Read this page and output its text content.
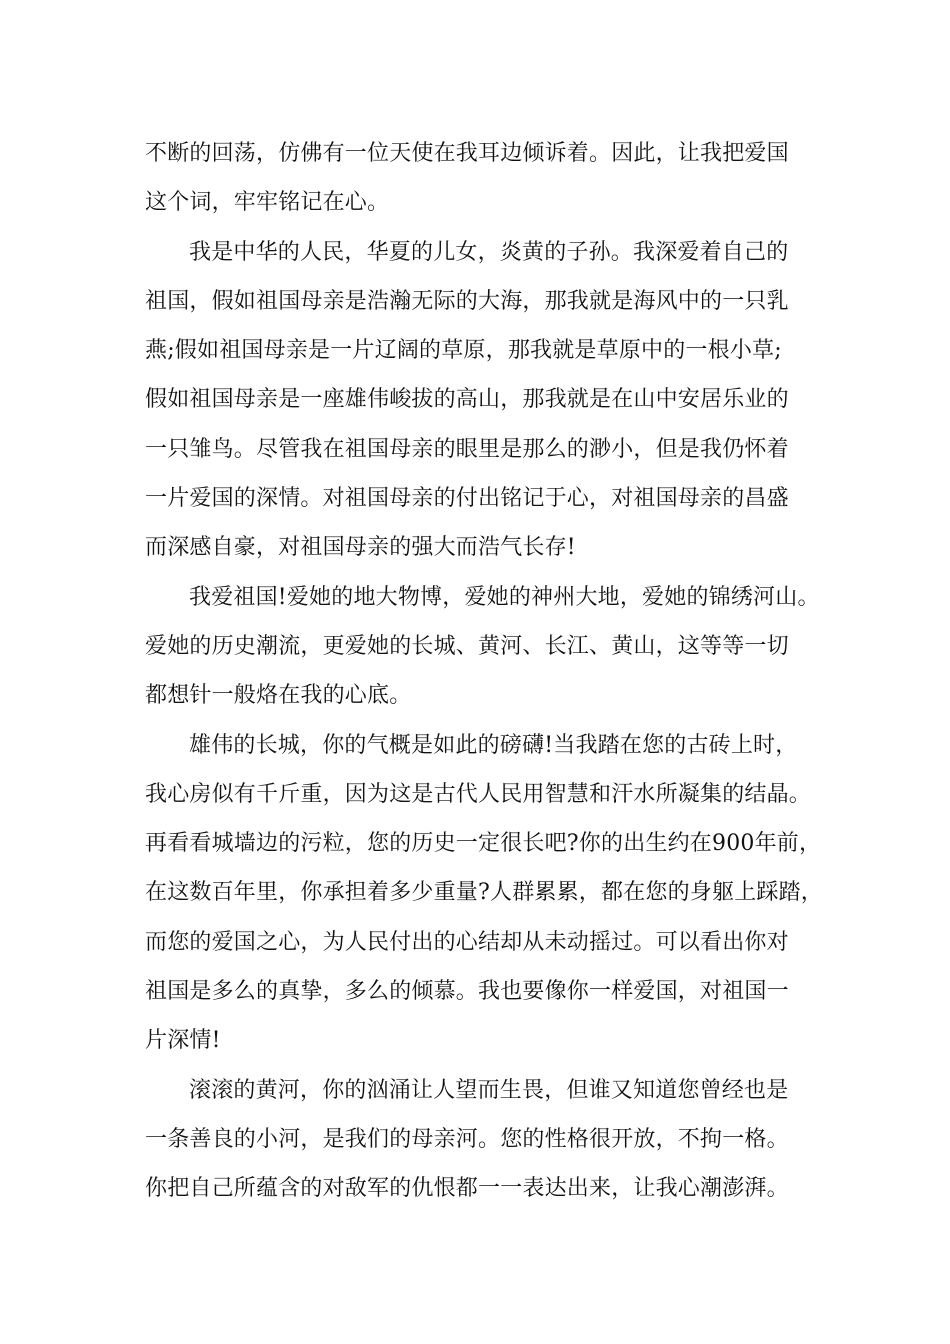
不断的回荡，仿佛有一位天使在我耳边倾诉着。因此，让我把爱国
这个词，牢牢铭记在心。
我是中华的人民，华夏的儿女，炎黄的子孙。我深爱着自己的
祖国，假如祖国母亲是浩瀚无际的大海，那我就是海风中的一只乳
燕;假如祖国母亲是一片辽阔的草原，那我就是草原中的一根小草;
假如祖国母亲是一座雄伟峻拔的高山，那我就是在山中安居乐业的
一只雏鸟。尽管我在祖国母亲的眼里是那么的渺小，但是我仍怀着
一片爱国的深情。对祖国母亲的付出铭记于心，对祖国母亲的昌盛
而深感自豪，对祖国母亲的强大而浩气长存!
我爱祖国!爱她的地大物博，爱她的神州大地，爱她的锦绣河山。
爱她的历史潮流，更爱她的长城、黄河、长江、黄山，这等等一切
都想针一般烙在我的心底。
雄伟的长城，你的气概是如此的磅礴!当我踏在您的古砖上时，
我心房似有千斤重，因为这是古代人民用智慧和汗水所凝集的结晶。
再看看城墙边的污粒，您的历史一定很长吧?你的出生约在900年前，
在这数百年里，你承担着多少重量?人群累累，都在您的身躯上踩踏，
而您的爱国之心，为人民付出的心结却从未动摇过。可以看出你对
祖国是多么的真挚，多么的倾慕。我也要像你一样爱国，对祖国一
片深情!
滚滚的黄河，你的汹涌让人望而生畏，但谁又知道您曾经也是
一条善良的小河，是我们的母亲河。您的性格很开放，不拘一格。
你把自己所蕴含的对敌军的仇恨都一一表达出来，让我心潮澎湃。
